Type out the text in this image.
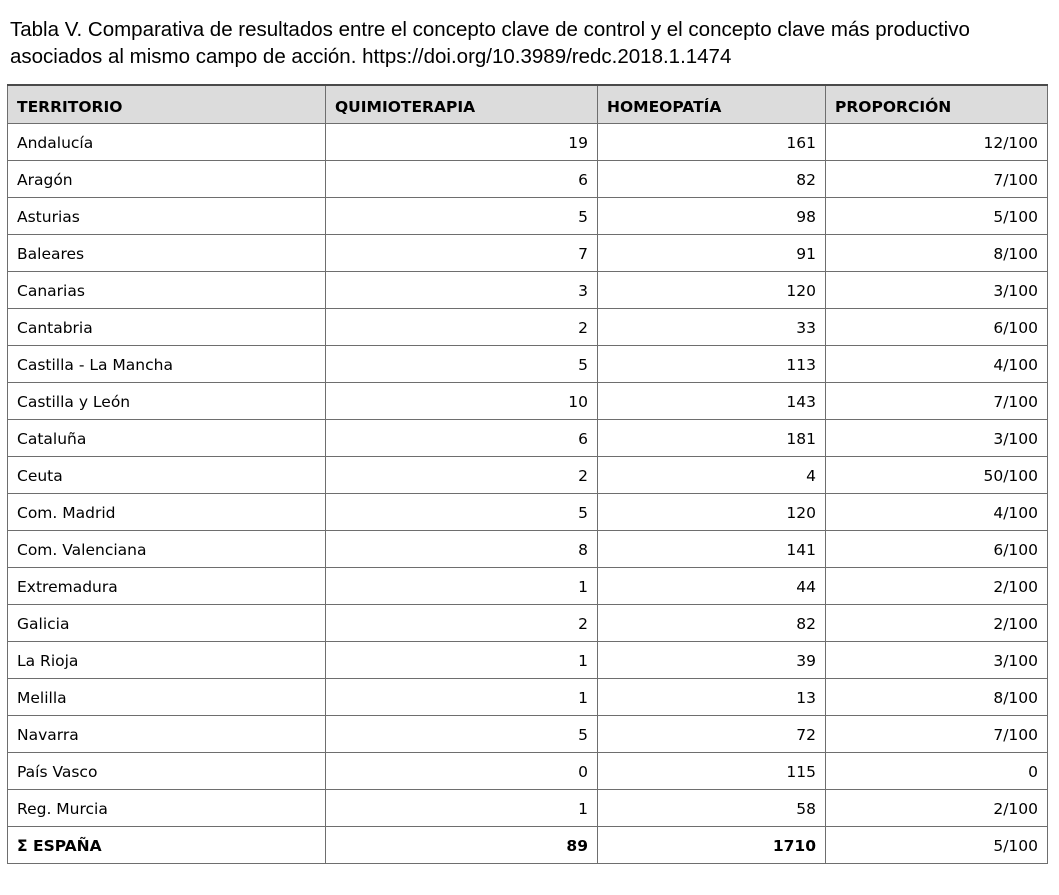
Tabla V. Comparativa de resultados entre el concepto clave de control y el concepto clave más productivo
asociados al mismo campo de acción. https://doi.org/10.3989/redc.2018.1.1474
TERRITORIO	QUIMIOTERAPIA	HOMEOPATÍA	PROPORCIÓN
Andalucía	19	161	12/100
Aragón	6	82	7/100
Asturias	5	98	5/100
Baleares	7	91	8/100
Canarias	3	120	3/100
Cantabria	2	33	6/100
Castilla - La Mancha	5	113	4/100
Castilla y León	10	143	7/100
Cataluña	6	181	3/100
Ceuta	2	4	50/100
Com. Madrid	5	120	4/100
Com. Valenciana	8	141	6/100
Extremadura	1	44	2/100
Galicia	2	82	2/100
La Rioja	1	39	3/100
Melilla	1	13	8/100
Navarra	5	72	7/100
País Vasco	0	115	0
Reg. Murcia	1	58	2/100
Σ ESPAÑA	89	1710	5/100
